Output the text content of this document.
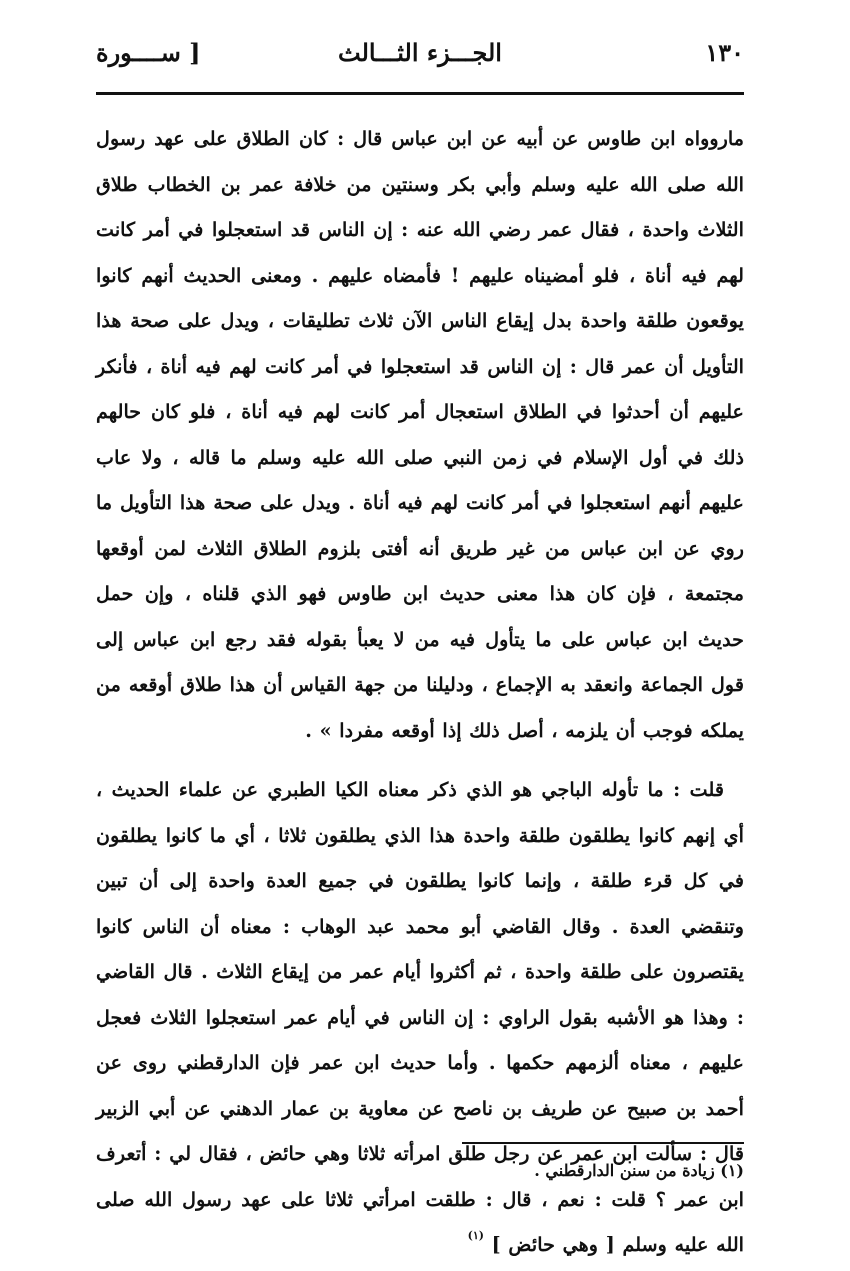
١٣٠
الجـــزء الثـــالث
[ ســــورة

ماروواه ابن طاوس عن أبيه عن ابن عباس قال : كان الطلاق على عهد رسول الله صلى الله عليه وسلم وأبي بكر وسنتين من خلافة عمر بن الخطاب طلاق الثلاث واحدة ، فقال عمر رضي الله عنه : إن الناس قد استعجلوا في أمر كانت لهم فيه أناة ، فلو أمضيناه عليهم ! فأمضاه عليهم . ومعنى الحديث أنهم كانوا يوقعون طلقة واحدة بدل إيقاع الناس الآن ثلاث تطليقات ، ويدل على صحة هذا التأويل أن عمر قال : إن الناس قد استعجلوا في أمر كانت لهم فيه أناة ، فأنكر عليهم أن أحدثوا في الطلاق استعجال أمر كانت لهم فيه أناة ، فلو كان حالهم ذلك في أول الإسلام في زمن النبي صلى الله عليه وسلم ما قاله ، ولا عاب عليهم أنهم استعجلوا في أمر كانت لهم فيه أناة . ويدل على صحة هذا التأويل ما روي عن ابن عباس من غير طريق أنه أفتى بلزوم الطلاق الثلاث لمن أوقعها مجتمعة ، فإن كان هذا معنى حديث ابن طاوس فهو الذي قلناه ، وإن حمل حديث ابن عباس على ما يتأول فيه من لا يعبأ بقوله فقد رجع ابن عباس إلى قول الجماعة وانعقد به الإجماع ، ودليلنا من جهة القياس أن هذا طلاق أوقعه من يملكه فوجب أن يلزمه ، أصل ذلك إذا أوقعه مفردا » .

قلت : ما تأوله الباجي هو الذي ذكر معناه الكيا الطبري عن علماء الحديث ، أي إنهم كانوا يطلقون طلقة واحدة هذا الذي يطلقون ثلاثا ، أي ما كانوا يطلقون في كل قرء طلقة ، وإنما كانوا يطلقون في جميع العدة واحدة إلى أن تبين وتنقضي العدة . وقال القاضي أبو محمد عبد الوهاب : معناه أن الناس كانوا يقتصرون على طلقة واحدة ، ثم أكثروا أيام عمر من إيقاع الثلاث . قال القاضي : وهذا هو الأشبه بقول الراوي : إن الناس في أيام عمر استعجلوا الثلاث فعجل عليهم ، معناه ألزمهم حكمها . وأما حديث ابن عمر فإن الدارقطني روى عن أحمد بن صبيح عن طريف بن ناصح عن معاوية بن عمار الدهني عن أبي الزبير قال : سألت ابن عمر عن رجل طلق امرأته ثلاثا وهي حائض ، فقال لي : أتعرف ابن عمر ؟ قلت : نعم ، قال : طلقت امرأتي ثلاثا على عهد رسول الله صلى الله عليه وسلم [ وهي حائض ] $^{(١)}$

(١) زيادة من سنن الدارقطني .
